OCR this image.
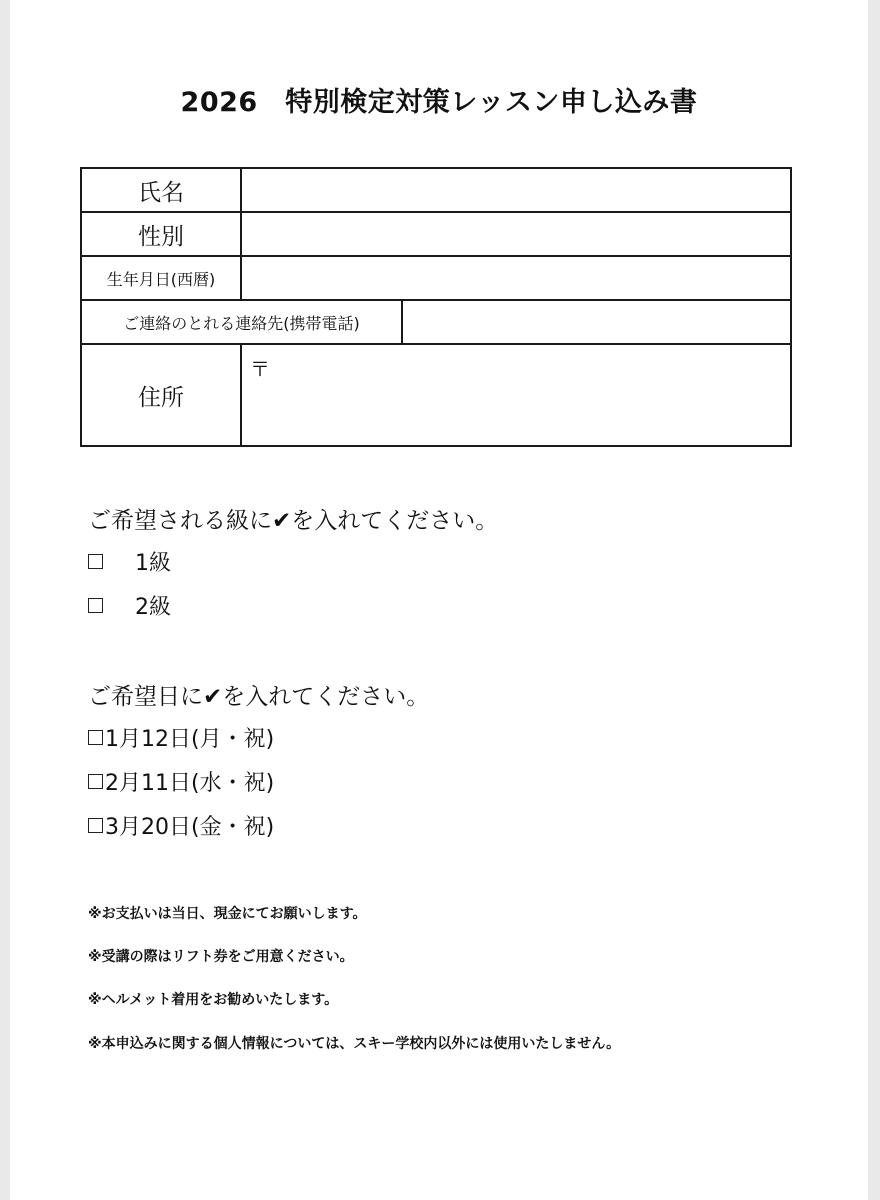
2026　特別検定対策レッスン申し込み書
氏名
性別
生年月日(西暦)
ご連絡のとれる連絡先(携帯電話)
住所
〒
ご希望される級に✔︎を入れてください。
1級
2級
ご希望日に✔︎を入れてください。
1月12日(月・祝)
2月11日(水・祝)
3月20日(金・祝)
※お支払いは当日、現金にてお願いします。
※受講の際はリフト券をご用意ください。
※ヘルメット着用をお勧めいたします。
※本申込みに関する個人情報については、スキー学校内以外には使用いたしません。
